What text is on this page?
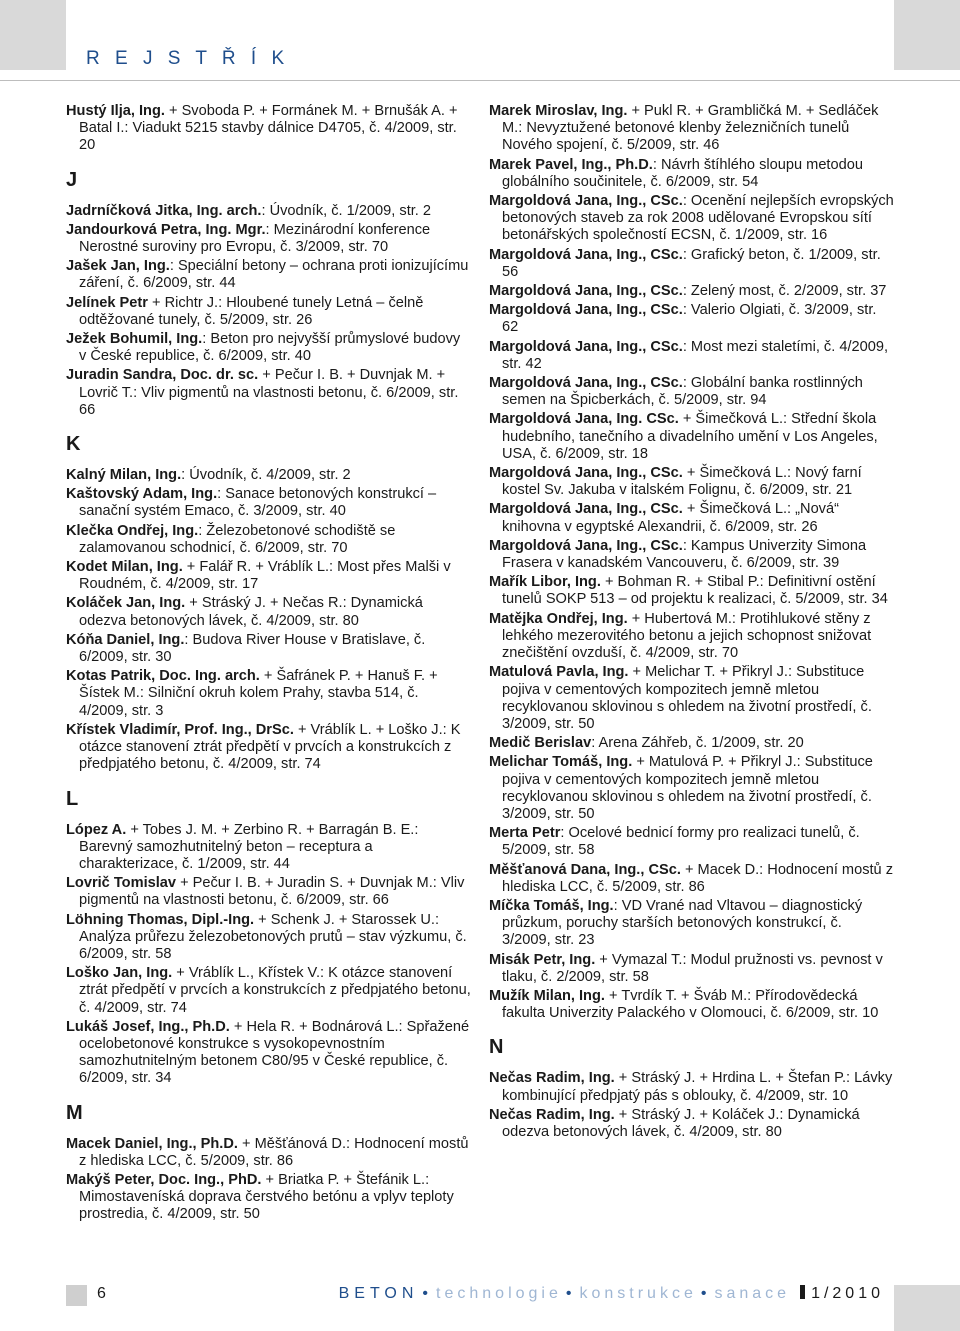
R E J S T Ř Í K

Hustý Ilja, Ing. + Svoboda P. + Formánek M. + Brnušák A. + Batal I.: Viadukt 5215 stavby dálnice D4705, č. 4/2009, str. 20

J

Jadrníčková Jitka, Ing. arch.: Úvodník, č. 1/2009, str. 2

Jandourková Petra, Ing. Mgr.: Mezinárodní konference Nerostné suroviny pro Evropu, č. 3/2009, str. 70

Jašek Jan, Ing.: Speciální betony – ochrana proti ionizujícímu záření, č. 6/2009, str. 44

Jelínek Petr + Richtr J.: Hloubené tunely Letná – čelně odtěžované tunely, č. 5/2009, str. 26

Ježek Bohumil, Ing.: Beton pro nejvyšší průmyslové budovy v České republice, č. 6/2009, str. 40

Juradin Sandra, Doc. dr. sc. + Pečur I. B. + Duvnjak M. + Lovrič T.: Vliv pigmentů na vlastnosti betonu, č. 6/2009, str. 66

K

Kalný Milan, Ing.: Úvodník, č. 4/2009, str. 2

Kaštovský Adam, Ing.: Sanace betonových konstrukcí – sanační systém Emaco, č. 3/2009, str. 40

Klečka Ondřej, Ing.: Železobetonové schodiště se zalamovanou schodnicí, č. 6/2009, str. 70

Kodet Milan, Ing. + Falář R. + Vráblík L.: Most přes Malši v Roudném, č. 4/2009, str. 17

Koláček Jan, Ing. + Stráský J. + Nečas R.: Dynamická odezva betonových lávek, č. 4/2009, str. 80

Kóňa Daniel, Ing.: Budova River House v Bratislave, č. 6/2009, str. 30

Kotas Patrik, Doc. Ing. arch. + Šafránek P. + Hanuš F. + Šístek M.: Silniční okruh kolem Prahy, stavba 514, č. 4/2009, str. 3

Křístek Vladimír, Prof. Ing., DrSc. + Vráblík L. + Loško J.: K otázce stanovení ztrát předpětí v prvcích a konstrukcích z předpjatého betonu, č. 4/2009, str. 74

L

López A. + Tobes J. M. + Zerbino R. + Barragán B. E.: Barevný samozhutnitelný beton – receptura a charakterizace, č. 1/2009, str. 44

Lovrič Tomislav + Pečur I. B. + Juradin S. + Duvnjak M.: Vliv pigmentů na vlastnosti betonu, č. 6/2009, str. 66

Löhning Thomas, Dipl.-Ing. + Schenk J. + Starossek U.: Analýza průřezu železobetonových prutů – stav výzkumu, č. 6/2009, str. 58

Loško Jan, Ing. + Vráblík L., Křístek V.: K otázce stanovení ztrát předpětí v prvcích a konstrukcích z předpjatého betonu, č. 4/2009, str. 74

Lukáš Josef, Ing., Ph.D. + Hela R. + Bodnárová L.: Spřažené ocelobetonové konstrukce s vysokopevnostním samozhutnitelným betonem C80/95 v České republice, č. 6/2009, str. 34

M

Macek Daniel, Ing., Ph.D. + Měšťánová D.: Hodnocení mostů z hlediska LCC, č. 5/2009, str. 86

Makýš Peter, Doc. Ing., PhD. + Briatka P. + Štefánik L.: Mimostaveníská doprava čerstvého betónu a vplyv teploty prostredia, č. 4/2009, str. 50

Marek Miroslav, Ing. + Pukl R. + Grambličká M. + Sedláček M.: Nevyztužené betonové klenby železničních tunelů Nového spojení, č. 5/2009, str. 46

Marek Pavel, Ing., Ph.D.: Návrh štíhlého sloupu metodou globálního součinitele, č. 6/2009, str. 54

Margoldová Jana, Ing., CSc.: Ocenění nejlepších evropských betonových staveb za rok 2008 udělované Evropskou sítí betonářských společností ECSN, č. 1/2009, str. 16

Margoldová Jana, Ing., CSc.: Grafický beton, č. 1/2009, str. 56

Margoldová Jana, Ing., CSc.: Zelený most, č. 2/2009, str. 37

Margoldová Jana, Ing., CSc.: Valerio Olgiati, č. 3/2009, str. 62

Margoldová Jana, Ing., CSc.: Most mezi staletími, č. 4/2009, str. 42

Margoldová Jana, Ing., CSc.: Globální banka rostlinných semen na Špicberkách, č. 5/2009, str. 94

Margoldová Jana, Ing. CSc. + Šimečková L.: Střední škola hudebního, tanečního a divadelního umění v Los Angeles, USA, č. 6/2009, str. 18

Margoldová Jana, Ing., CSc. + Šimečková L.: Nový farní kostel Sv. Jakuba v italském Folignu, č. 6/2009, str. 21

Margoldová Jana, Ing., CSc. + Šimečková L.: „Nová“ knihovna v egyptské Alexandrii, č. 6/2009, str. 26

Margoldová Jana, Ing., CSc.: Kampus Univerzity Simona Frasera v kanadském Vancouveru, č. 6/2009, str. 39

Mařík Libor, Ing. + Bohman R. + Stibal P.: Definitivní ostění tunelů SOKP 513 – od projektu k realizaci, č. 5/2009, str. 34

Matějka Ondřej, Ing. + Hubertová M.: Protihlukové stěny z lehkého mezerovitého betonu a jejich schopnost snižovat znečištění ovzduší, č. 4/2009, str. 70

Matulová Pavla, Ing. + Melichar T. + Přikryl J.: Substituce pojiva v cementových kompozitech jemně mletou recyklovanou sklovinou s ohledem na životní prostředí, č. 3/2009, str. 50

Medič Berislav: Arena Záhřeb, č. 1/2009, str. 20

Melichar Tomáš, Ing. + Matulová P. + Přikryl J.: Substituce pojiva v cementových kompozitech jemně mletou recyklovanou sklovinou s ohledem na životní prostředí, č. 3/2009, str. 50

Merta Petr: Ocelové bednicí formy pro realizaci tunelů, č. 5/2009, str. 58

Měšťanová Dana, Ing., CSc. + Macek D.: Hodnocení mostů z hlediska LCC, č. 5/2009, str. 86

Míčka Tomáš, Ing.: VD Vrané nad Vltavou – diagnostický průzkum, poruchy starších betonových konstrukcí, č. 3/2009, str. 23

Misák Petr, Ing. + Vymazal T.: Modul pružnosti vs. pevnost v tlaku, č. 2/2009, str. 58

Mužík Milan, Ing. + Tvrdík T. + Šváb M.: Přírodovědecká fakulta Univerzity Palackého v Olomouci, č. 6/2009, str. 10

N

Nečas Radim, Ing. + Stráský J. + Hrdina L. + Štefan P.: Lávky kombinující předpjatý pás s oblouky, č. 4/2009, str. 10

Nečas Radim, Ing. + Stráský J. + Koláček J.: Dynamická odezva betonových lávek, č. 4/2009, str. 80

6	BETON • technologie • konstrukce • sanace 1/2010
